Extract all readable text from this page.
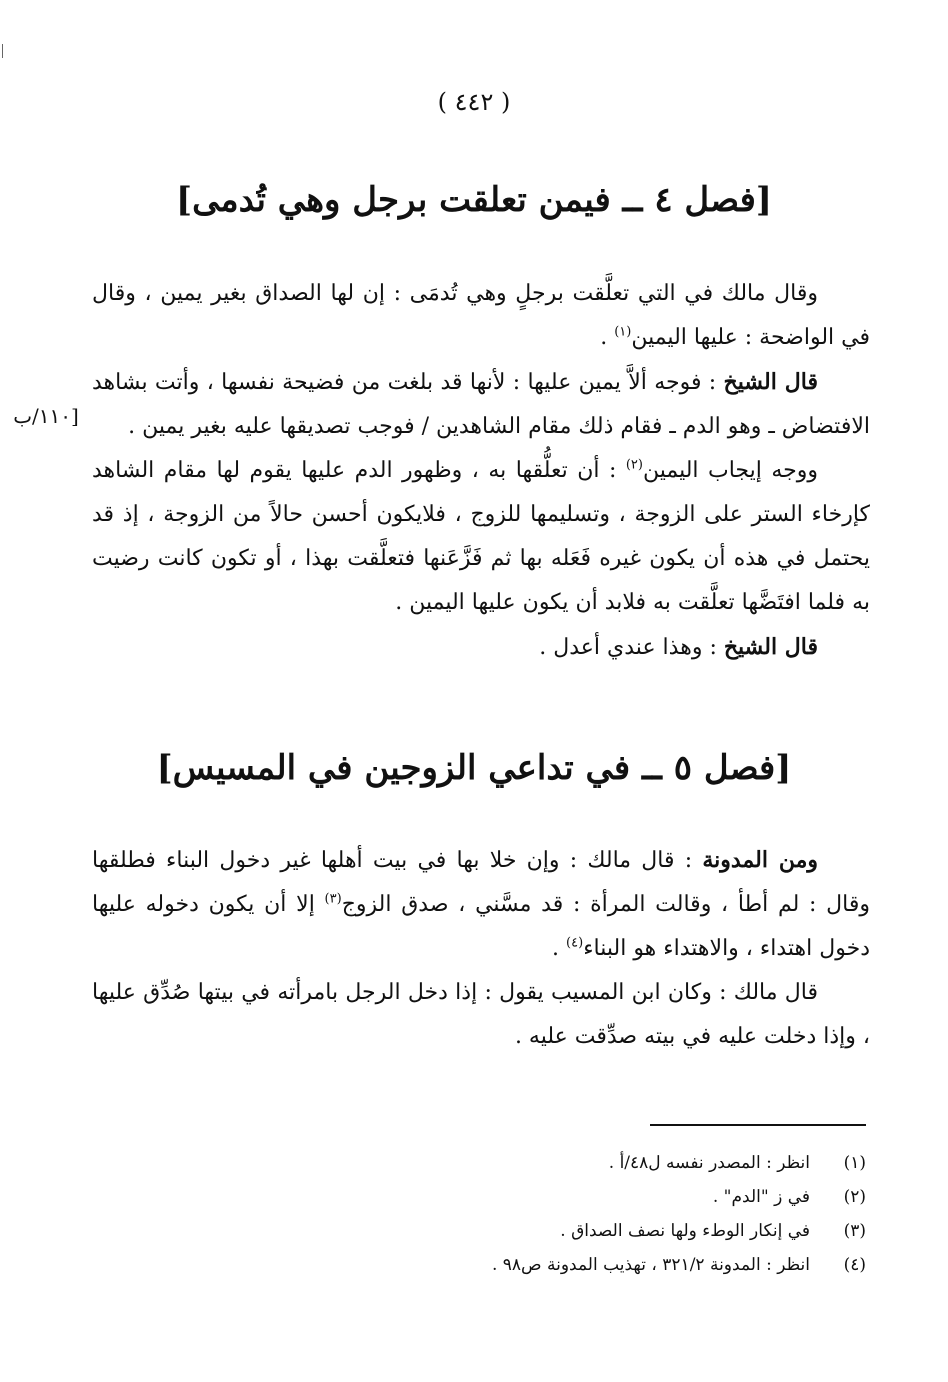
( ٤٤٢ )
[فصل ٤ ــ فيمن تعلقت برجل وهي تُدمى]

وقال مالك في التي تعلَّقت برجلٍ وهي تُدمَى : إن لها الصداق بغير يمين ، وقال في الواضحة : عليها اليمين$^{(١)}$ .

قال الشيخ : فوجه ألاَّ يمين عليها : لأنها قد بلغت من فضيحة نفسها ، وأتت بشاهد الافتضاض ـ وهو الدم ـ فقام ذلك مقام الشاهدين / فوجب تصديقها عليه بغير يمين .

ووجه إيجاب اليمين$^{(٢)}$ : أن تعلُّقها به ، وظهور الدم عليها يقوم لها مقام الشاهد كإرخاء الستر على الزوجة ، وتسليمها للزوج ، فلايكون أحسن حالاً من الزوجة ، إذ قد يحتمل في هذه أن يكون غيره فَعَله بها ثم فَزَّعَنها فتعلَّقت بهذا ، أو تكون كانت رضيت به فلما افتَضَّها تعلَّقت به فلابد أن يكون عليها اليمين .

قال الشيخ : وهذا عندي أعدل .

[١١٠/ب
[فصل ٥ ــ في تداعي الزوجين في المسيس]

ومن المدونة : قال مالك : وإن خلا بها في بيت أهلها غير دخول البناء فطلقها وقال : لم أطأ ، وقالت المرأة : قد مسَّني ، صدق الزوج$^{(٣)}$ إلا أن يكون دخوله عليها دخول اهتداء ، والاهتداء هو البناء$^{(٤)}$ .

قال مالك : وكان ابن المسيب يقول : إذا دخل الرجل بامرأته في بيتها صُدِّق عليها ، وإذا دخلت عليه في بيته صدِّقت عليه .

(١)
انظر : المصدر نفسه ل٤٨/أ .
(٢)
في ز "الدم" .
(٣)
في إنكار الوطء ولها نصف الصداق .
(٤)
انظر : المدونة ٣٢١/٢ ، تهذيب المدونة ص٩٨ .
